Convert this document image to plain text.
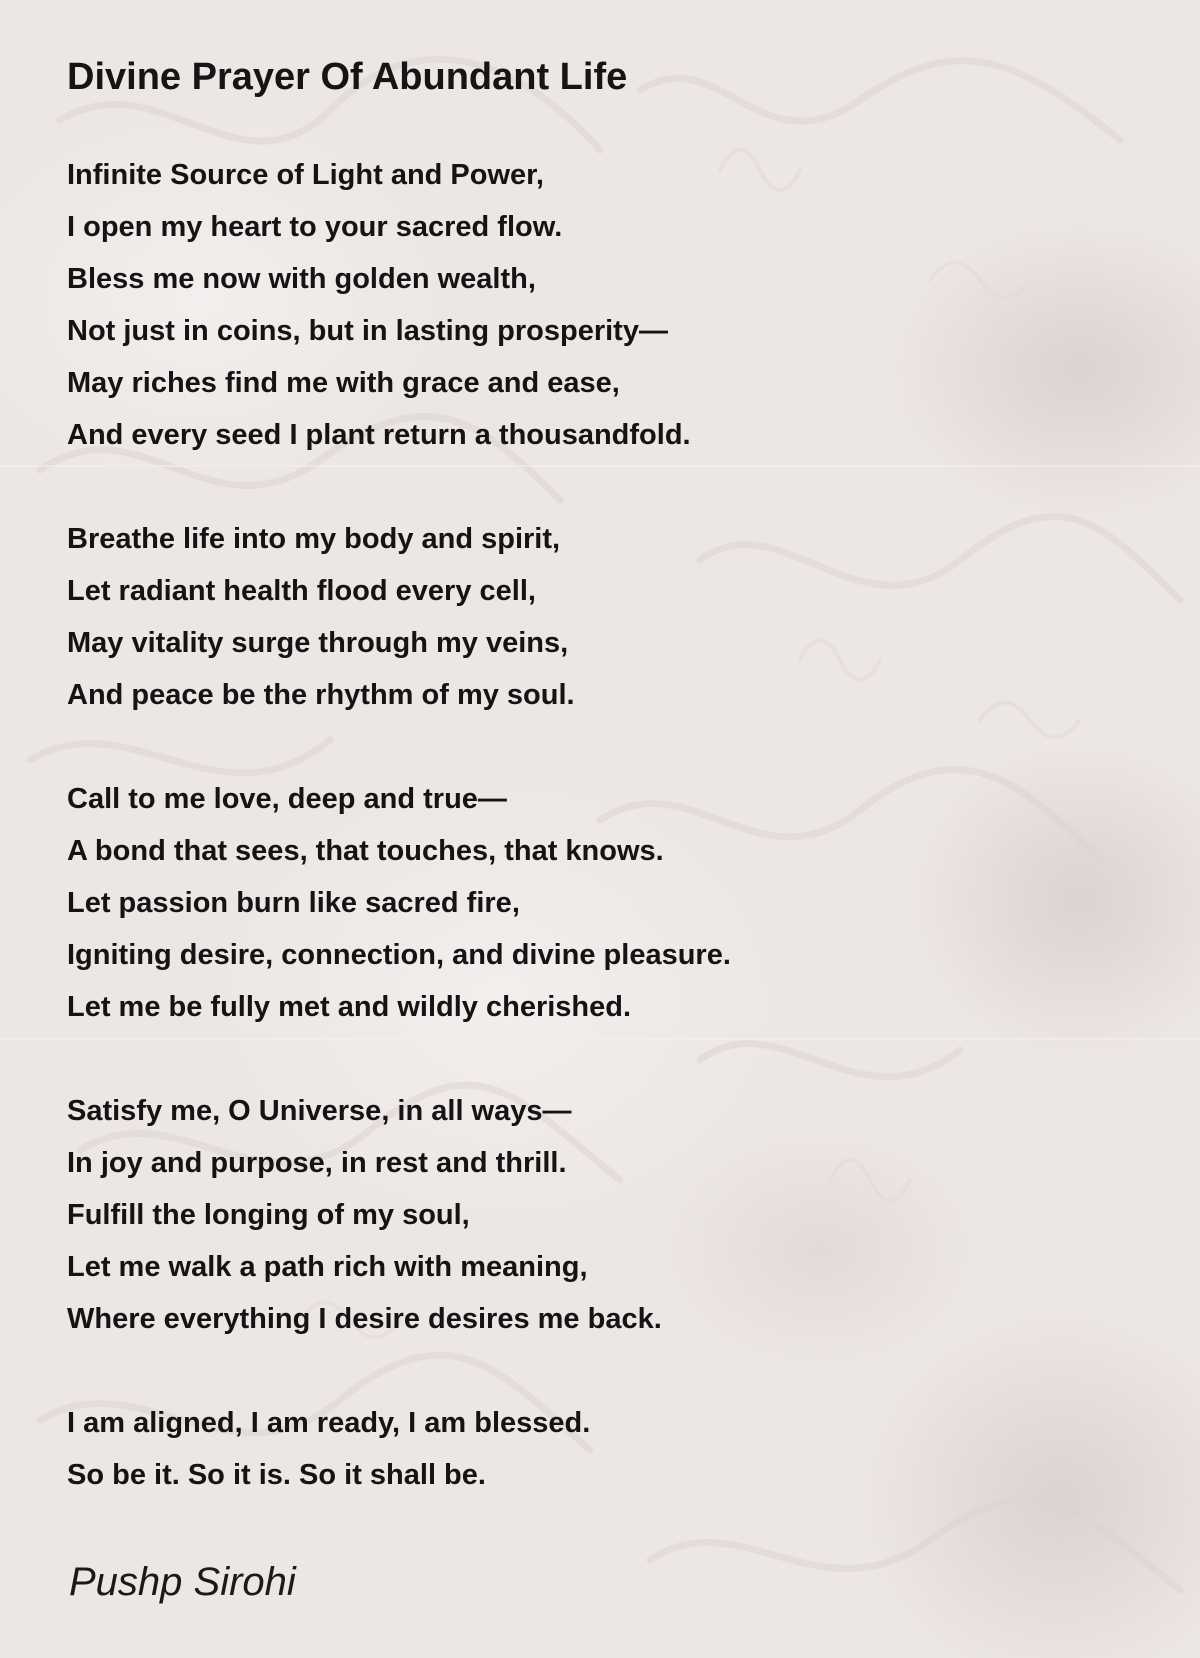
Divine Prayer Of Abundant Life
Infinite Source of Light and Power,
I open my heart to your sacred flow.
Bless me now with golden wealth,
Not just in coins, but in lasting prosperity—
May riches find me with grace and ease,
And every seed I plant return a thousandfold.
Breathe life into my body and spirit,
Let radiant health flood every cell,
May vitality surge through my veins,
And peace be the rhythm of my soul.
Call to me love, deep and true—
A bond that sees, that touches, that knows.
Let passion burn like sacred fire,
Igniting desire, connection, and divine pleasure.
Let me be fully met and wildly cherished.
Satisfy me, O Universe, in all ways—
In joy and purpose, in rest and thrill.
Fulfill the longing of my soul,
Let me walk a path rich with meaning,
Where everything I desire desires me back.
I am aligned, I am ready, I am blessed.
So be it. So it is. So it shall be.
Pushp Sirohi
